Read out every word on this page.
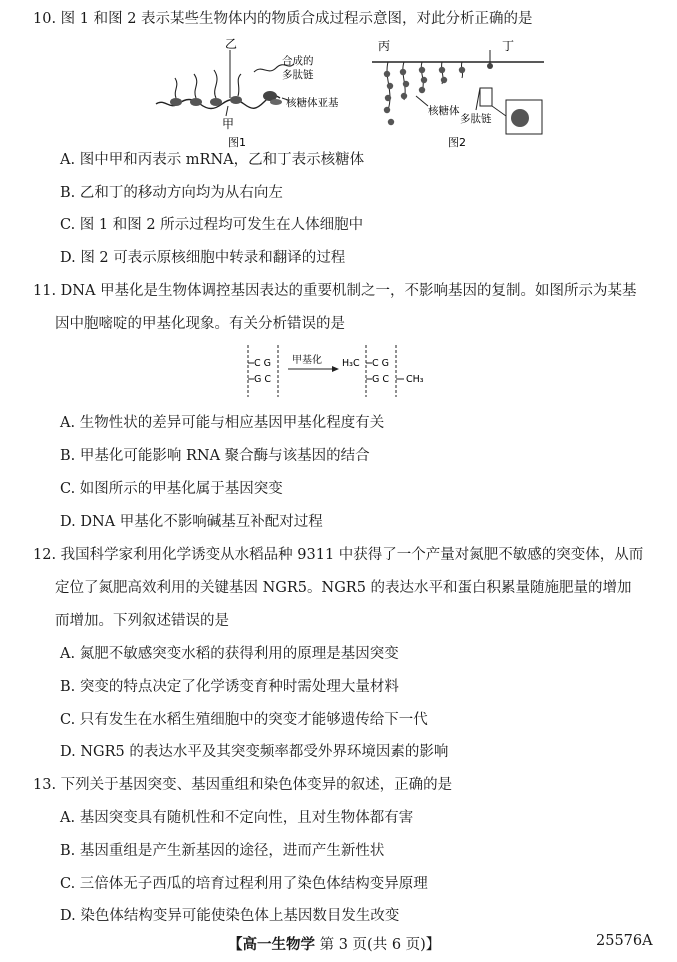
10. 图 1 和图 2 表示某些生物体内的物质合成过程示意图，对此分析正确的是
乙
甲
合成的
多肽链
核糖体亚基
图1
丙	丁
核糖体
多肽链
图2
A. 图中甲和丙表示 mRNA，乙和丁表示核糖体
B. 乙和丁的移动方向均为从右向左
C. 图 1 和图 2 所示过程均可发生在人体细胞中
D. 图 2 可表示原核细胞中转录和翻译的过程
11. DNA 甲基化是生物体调控基因表达的重要机制之一，不影响基因的复制。如图所示为某基
因中胞嘧啶的甲基化现象。有关分析错误的是
C G
G C
甲基化 H₃C C G
G C CH₃
A. 生物性状的差异可能与相应基因甲基化程度有关
B. 甲基化可能影响 RNA 聚合酶与该基因的结合
C. 如图所示的甲基化属于基因突变
D. DNA 甲基化不影响碱基互补配对过程
12. 我国科学家利用化学诱变从水稻品种 9311 中获得了一个产量对氮肥不敏感的突变体，从而
定位了氮肥高效利用的关键基因 NGR5。NGR5 的表达水平和蛋白积累量随施肥量的增加
而增加。下列叙述错误的是
A. 氮肥不敏感突变水稻的获得利用的原理是基因突变
B. 突变的特点决定了化学诱变育种时需处理大量材料
C. 只有发生在水稻生殖细胞中的突变才能够遗传给下一代
D. NGR5 的表达水平及其突变频率都受外界环境因素的影响
13. 下列关于基因突变、基因重组和染色体变异的叙述，正确的是
A. 基因突变具有随机性和不定向性，且对生物体都有害
B. 基因重组是产生新基因的途径，进而产生新性状
C. 三倍体无子西瓜的培育过程利用了染色体结构变异原理
D. 染色体结构变异可能使染色体上基因数目发生改变
【高一生物学 第 3 页(共 6 页)】	25576A
